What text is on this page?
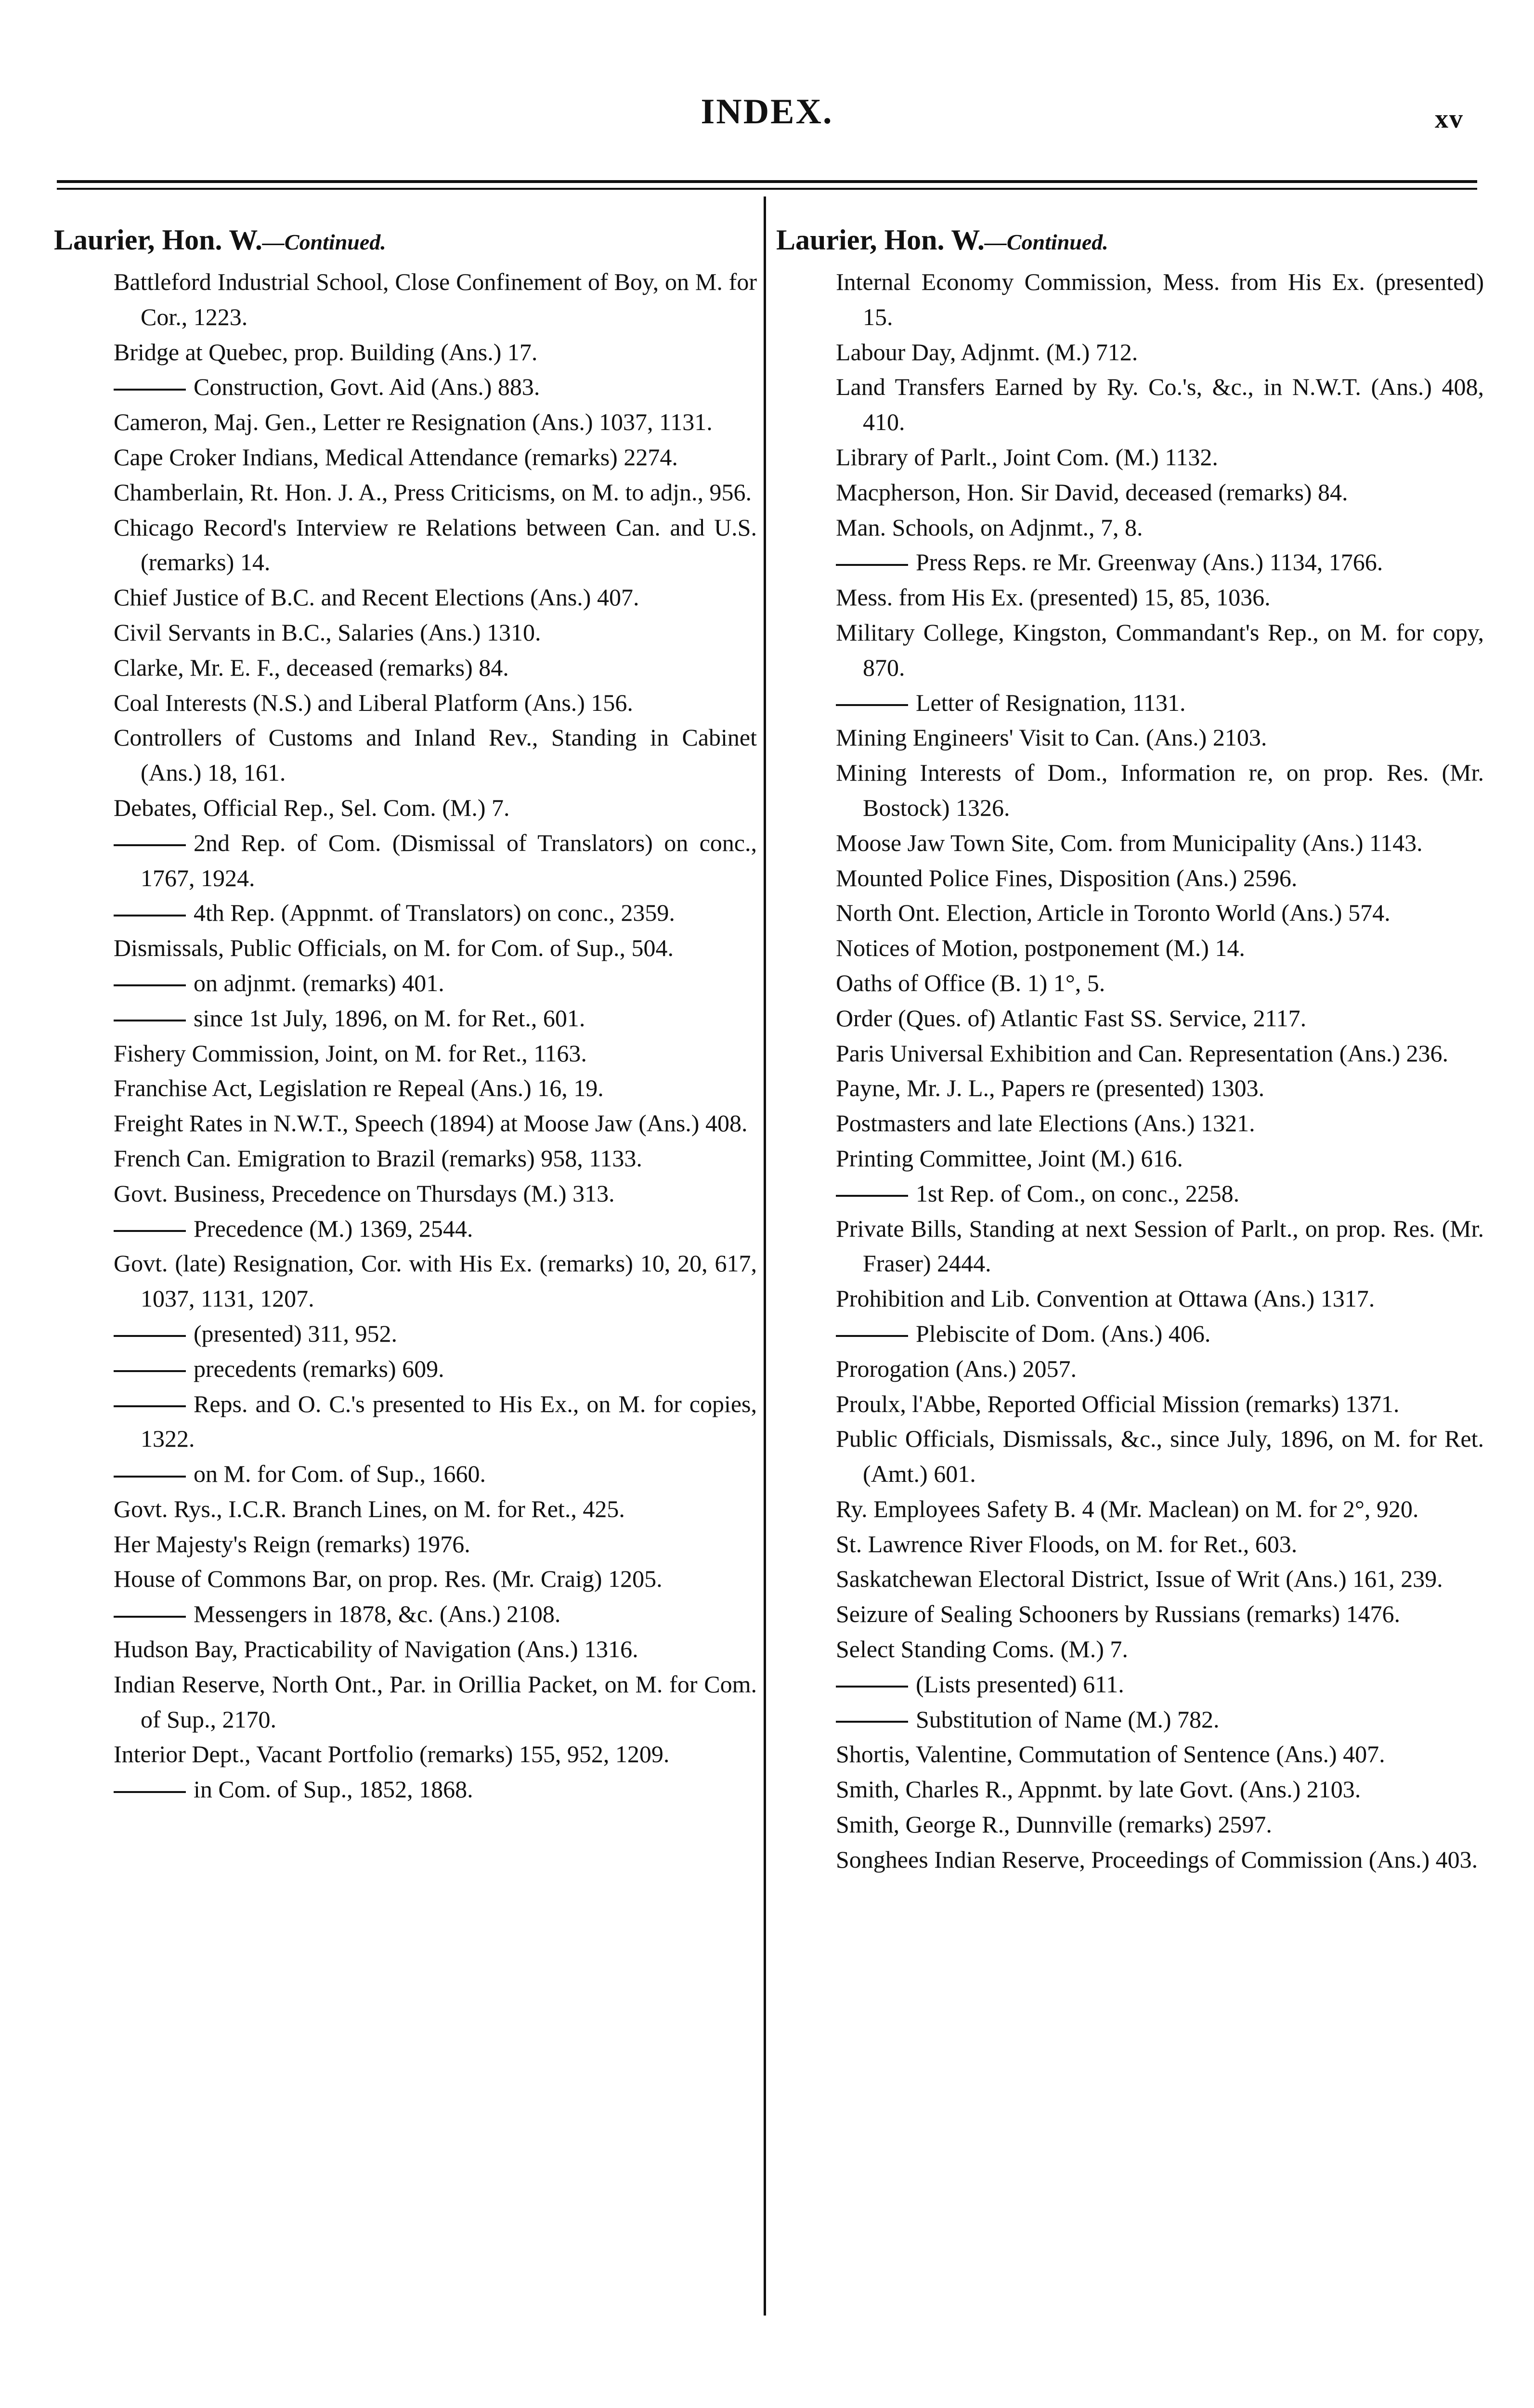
INDEX.	xv
Laurier, Hon. W.—Continued.
Battleford Industrial School, Close Confinement of Boy, on M. for Cor., 1223.
Bridge at Quebec, prop. Building (Ans.) 17.
Construction, Govt. Aid (Ans.) 883.
Cameron, Maj. Gen., Letter re Resignation (Ans.) 1037, 1131.
Cape Croker Indians, Medical Attendance (remarks) 2274.
Chamberlain, Rt. Hon. J. A., Press Criticisms, on M. to adjn., 956.
Chicago Record's Interview re Relations between Can. and U.S. (remarks) 14.
Chief Justice of B.C. and Recent Elections (Ans.) 407.
Civil Servants in B.C., Salaries (Ans.) 1310.
Clarke, Mr. E. F., deceased (remarks) 84.
Coal Interests (N.S.) and Liberal Platform (Ans.) 156.
Controllers of Customs and Inland Rev., Standing in Cabinet (Ans.) 18, 161.
Debates, Official Rep., Sel. Com. (M.) 7.
2nd Rep. of Com. (Dismissal of Translators) on conc., 1767, 1924.
4th Rep. (Appnmt. of Translators) on conc., 2359.
Dismissals, Public Officials, on M. for Com. of Sup., 504.
on adjnmt. (remarks) 401.
since 1st July, 1896, on M. for Ret., 601.
Fishery Commission, Joint, on M. for Ret., 1163.
Franchise Act, Legislation re Repeal (Ans.) 16, 19.
Freight Rates in N.W.T., Speech (1894) at Moose Jaw (Ans.) 408.
French Can. Emigration to Brazil (remarks) 958, 1133.
Govt. Business, Precedence on Thursdays (M.) 313.
Precedence (M.) 1369, 2544.
Govt. (late) Resignation, Cor. with His Ex. (remarks) 10, 20, 617, 1037, 1131, 1207.
(presented) 311, 952.
precedents (remarks) 609.
Reps. and O. C.'s presented to His Ex., on M. for copies, 1322.
on M. for Com. of Sup., 1660.
Govt. Rys., I.C.R. Branch Lines, on M. for Ret., 425.
Her Majesty's Reign (remarks) 1976.
House of Commons Bar, on prop. Res. (Mr. Craig) 1205.
Messengers in 1878, &c. (Ans.) 2108.
Hudson Bay, Practicability of Navigation (Ans.) 1316.
Indian Reserve, North Ont., Par. in Orillia Packet, on M. for Com. of Sup., 2170.
Interior Dept., Vacant Portfolio (remarks) 155, 952, 1209.
in Com. of Sup., 1852, 1868.
Laurier, Hon. W.—Continued.
Internal Economy Commission, Mess. from His Ex. (presented) 15.
Labour Day, Adjnmt. (M.) 712.
Land Transfers Earned by Ry. Co.'s, &c., in N.W.T. (Ans.) 408, 410.
Library of Parlt., Joint Com. (M.) 1132.
Macpherson, Hon. Sir David, deceased (remarks) 84.
Man. Schools, on Adjnmt., 7, 8.
Press Reps. re Mr. Greenway (Ans.) 1134, 1766.
Mess. from His Ex. (presented) 15, 85, 1036.
Military College, Kingston, Commandant's Rep., on M. for copy, 870.
Letter of Resignation, 1131.
Mining Engineers' Visit to Can. (Ans.) 2103.
Mining Interests of Dom., Information re, on prop. Res. (Mr. Bostock) 1326.
Moose Jaw Town Site, Com. from Municipality (Ans.) 1143.
Mounted Police Fines, Disposition (Ans.) 2596.
North Ont. Election, Article in Toronto World (Ans.) 574.
Notices of Motion, postponement (M.) 14.
Oaths of Office (B. 1) 1°, 5.
Order (Ques. of) Atlantic Fast SS. Service, 2117.
Paris Universal Exhibition and Can. Representation (Ans.) 236.
Payne, Mr. J. L., Papers re (presented) 1303.
Postmasters and late Elections (Ans.) 1321.
Printing Committee, Joint (M.) 616.
1st Rep. of Com., on conc., 2258.
Private Bills, Standing at next Session of Parlt., on prop. Res. (Mr. Fraser) 2444.
Prohibition and Lib. Convention at Ottawa (Ans.) 1317.
Plebiscite of Dom. (Ans.) 406.
Prorogation (Ans.) 2057.
Proulx, l'Abbe, Reported Official Mission (remarks) 1371.
Public Officials, Dismissals, &c., since July, 1896, on M. for Ret. (Amt.) 601.
Ry. Employees Safety B. 4 (Mr. Maclean) on M. for 2°, 920.
St. Lawrence River Floods, on M. for Ret., 603.
Saskatchewan Electoral District, Issue of Writ (Ans.) 161, 239.
Seizure of Sealing Schooners by Russians (remarks) 1476.
Select Standing Coms. (M.) 7.
(Lists presented) 611.
Substitution of Name (M.) 782.
Shortis, Valentine, Commutation of Sentence (Ans.) 407.
Smith, Charles R., Appnmt. by late Govt. (Ans.) 2103.
Smith, George R., Dunnville (remarks) 2597.
Songhees Indian Reserve, Proceedings of Commission (Ans.) 403.
